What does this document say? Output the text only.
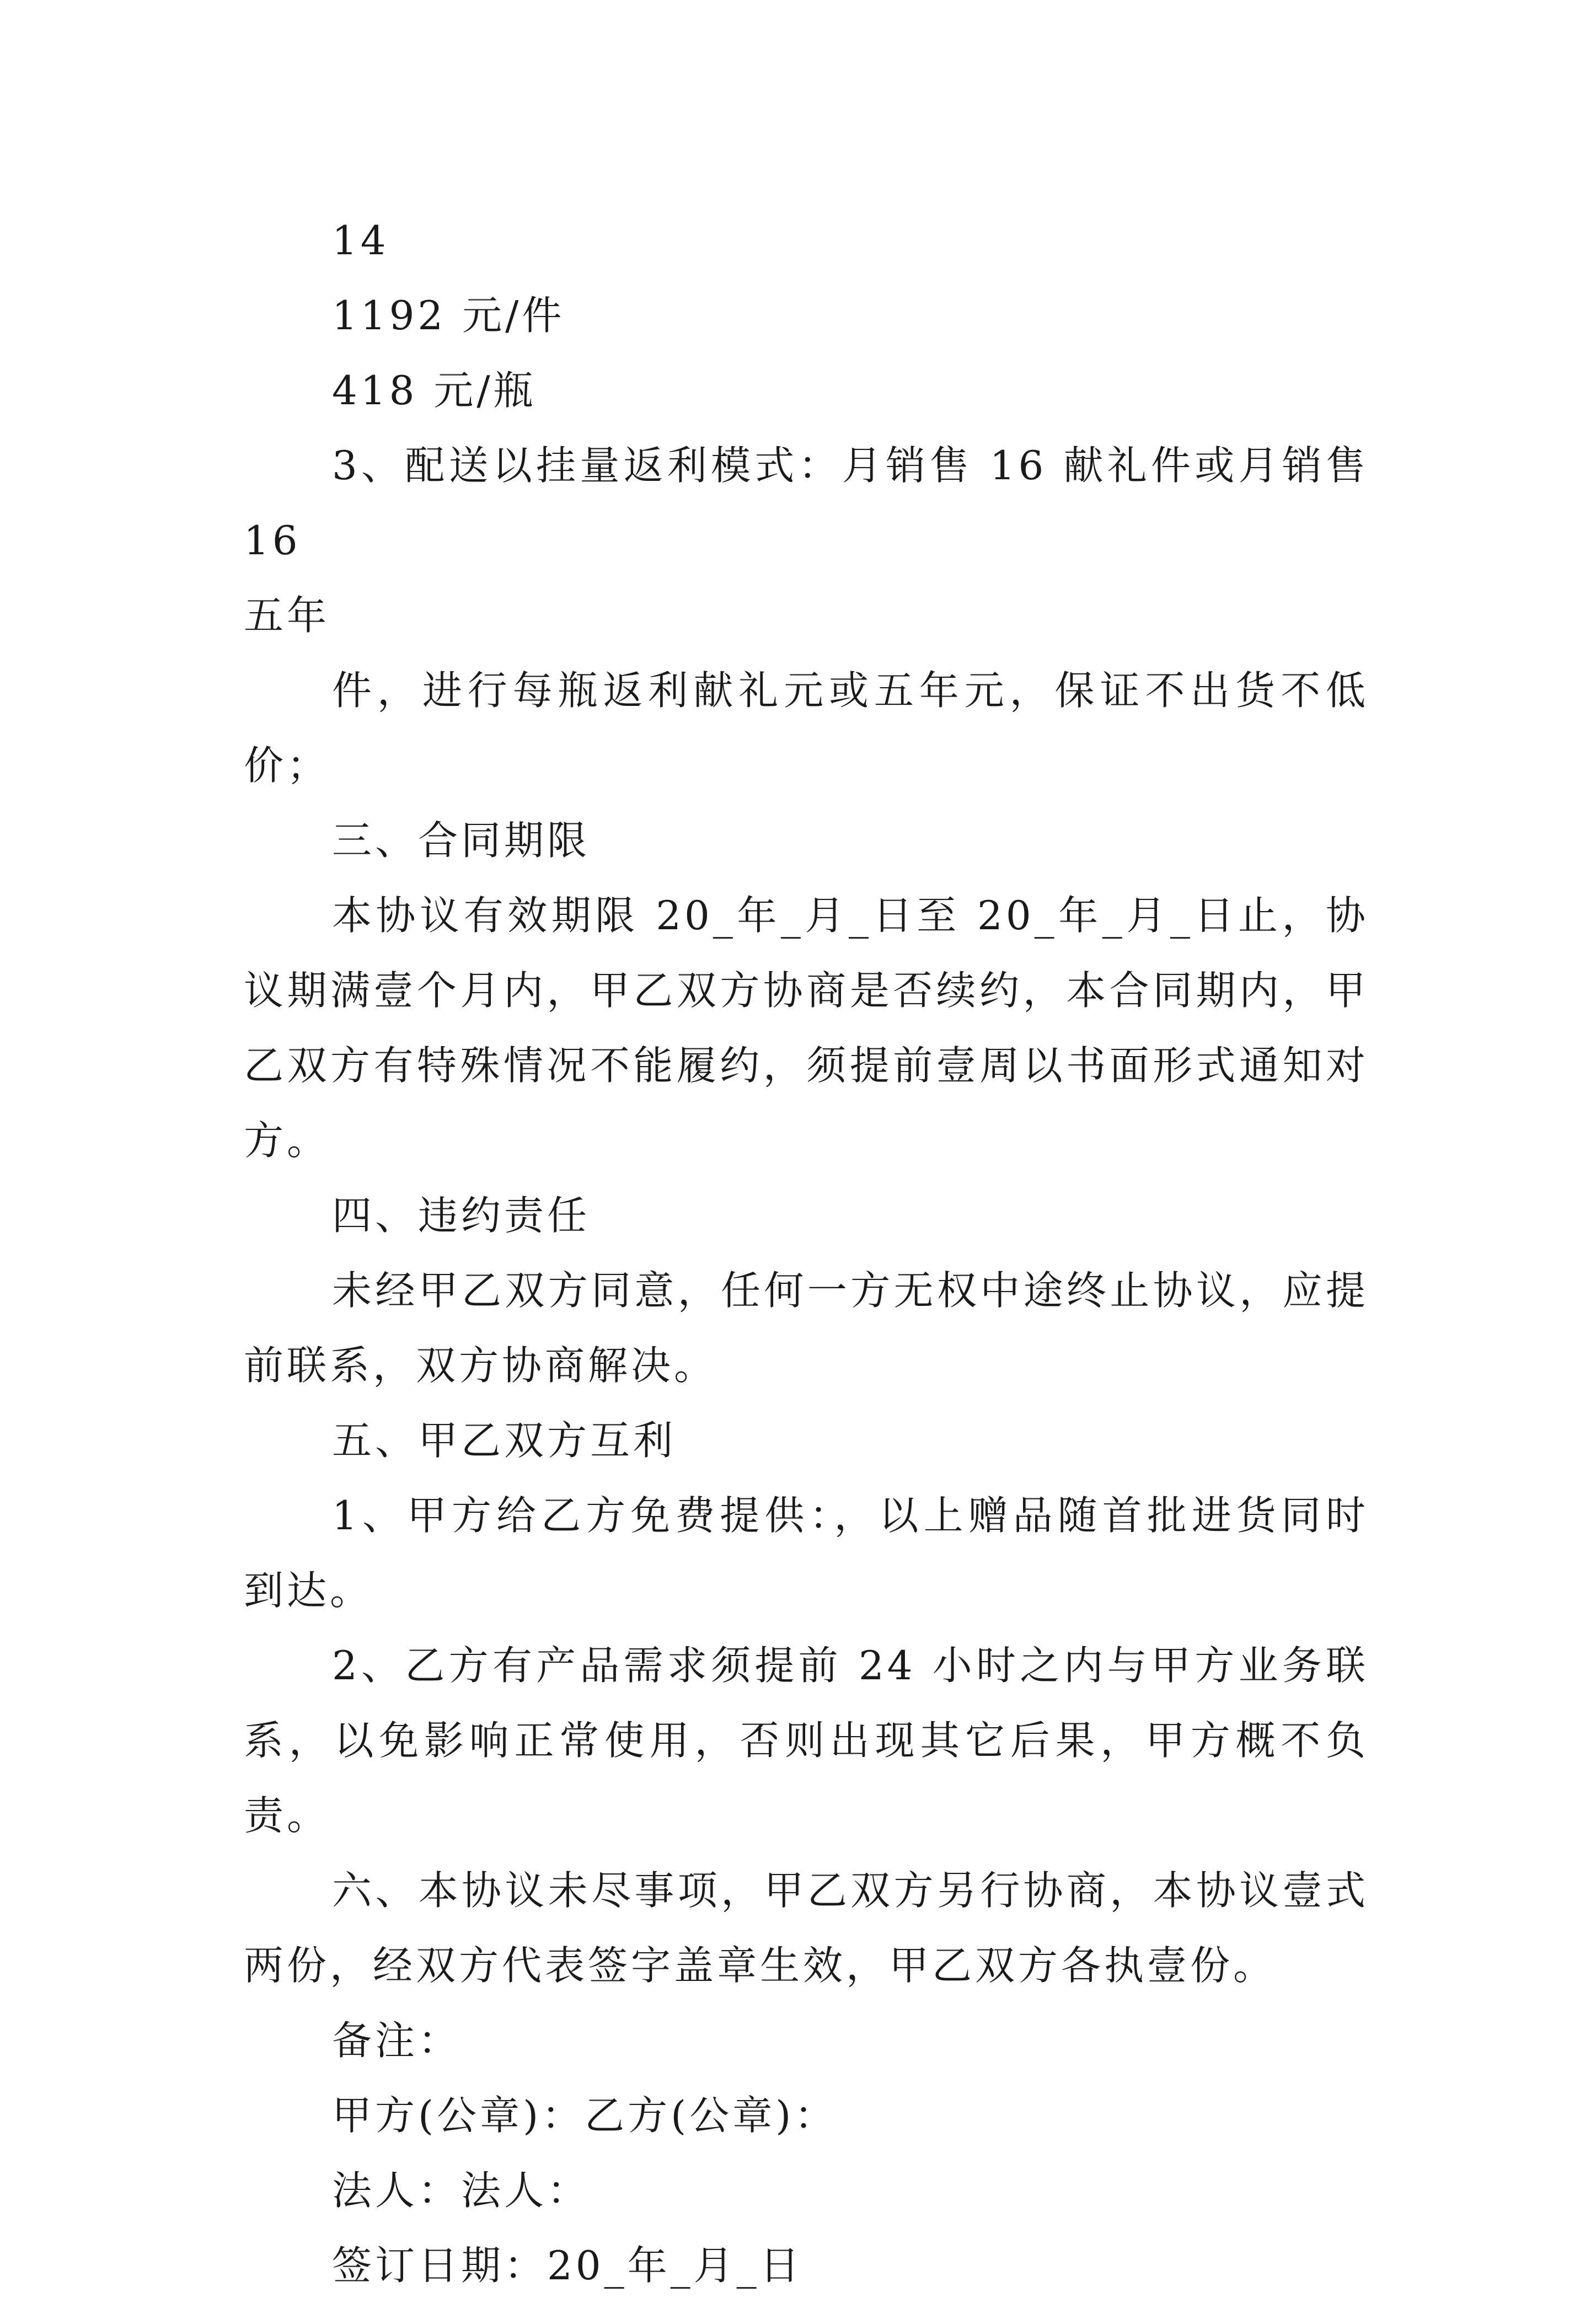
14

1192 元/件

418 元/瓶

3、配送以挂量返利模式：月销售 16 献礼件或月销售 16

五年

件，进行每瓶返利献礼元或五年元，保证不出货不低价；

三、合同期限

本协议有效期限 20_年_月_日至 20_年_月_日止，协议期满壹个月内，甲乙双方协商是否续约，本合同期内，甲乙双方有特殊情况不能履约，须提前壹周以书面形式通知对方。

四、违约责任

未经甲乙双方同意，任何一方无权中途终止协议，应提前联系，双方协商解决。

五、甲乙双方互利

1、甲方给乙方免费提供：，以上赠品随首批进货同时到达。

2、乙方有产品需求须提前 24 小时之内与甲方业务联系，以免影响正常使用，否则出现其它后果，甲方概不负责。

六、本协议未尽事项，甲乙双方另行协商，本协议壹式两份，经双方代表签字盖章生效，甲乙双方各执壹份。

备注：

甲方(公章)：乙方(公章)：

法人：法人：

签订日期：20_年_月_日
